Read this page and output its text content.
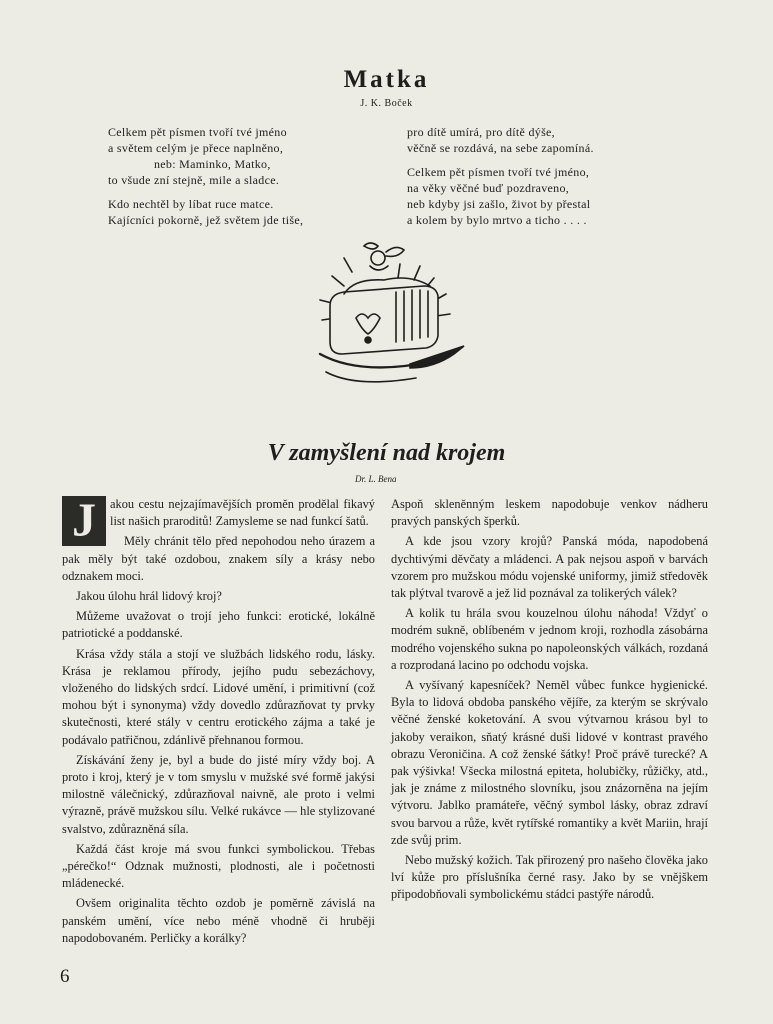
Matka
J. K. Boček
Celkem pět písmen tvoří tvé jméno
a světem celým je přece naplněno,
neb: Maminko, Matko,
to všude zní stejně, mile a sladce.
Kdo nechtěl by líbat ruce matce.
Kajícníci pokorně, jež světem jde tiše,
pro dítě umírá, pro dítě dýše,
věčně se rozdává, na sebe zapomíná.
Celkem pět písmen tvoří tvé jméno,
na věky věčné buď pozdraveno,
neb kdyby jsi zašlo, život by přestal
a kolem by bylo mrtvo a ticho . . . .
V zamyšlení nad krojem
Dr. L. Bena
J	akou cestu nejzajímavějších proměn prodělal fikavý list našich praroditů! Zamysleme se nad funkcí šatů.

Měly chránit tělo před nepohodou neho úrazem a pak měly být také ozdobou, znakem síly a krásy nebo odznakem moci.

Jakou úlohu hrál lidový kroj?

Můžeme uvažovat o trojí jeho funkci: erotické, lokálně patriotické a poddanské.

Krása vždy stála a stojí ve službách lidského rodu, lásky. Krása je reklamou přírody, jejího pudu sebezáchovy, vloženého do lidských srdcí. Lidové umění, i primitivní (což mohou být i synonyma) vždy dovedlo zdůrazňovat ty prvky skutečnosti, které stály v centru erotického zájma a také je podávalo patřičnou, zdánlivě přehnanou formou.

Získávání ženy je, byl a bude do jisté míry vždy boj. A proto i kroj, který je v tom smyslu v mužské své formě jakýsi milostně válečnický, zdůrazňoval naivně, ale proto i velmi výrazně, právě mužskou sílu. Velké rukávce — hle stylizované svalstvo, zdůrazněná síla.

Každá část kroje má svou funkci symbolickou. Třebas „pérečko!“ Odznak mužnosti, plodnosti, ale i početnosti mládenecké.

Ovšem originalita těchto ozdob je poměrně závislá na panském umění, více nebo méně vhodně či hruběji napodobovaném. Perličky a korálky?

Aspoň skleněnným leskem napodobuje venkov nádheru pravých panských šperků.

A kde jsou vzory krojů? Panská móda, napodobená dychtivými děvčaty a mládenci. A pak nejsou aspoň v barvách vzorem pro mužskou módu vojenské uniformy, jimiž středověk tak plýtval tvarově a jež lid poznával za tolikerých válek?

A kolik tu hrála svou kouzelnou úlohu náhoda! Vždyť o modrém sukně, oblíbeném v jednom kroji, rozhodla zásobárna modrého vojenského sukna po napoleonských válkách, rozdaná a rozprodaná lacino po odchodu vojska.

A vyšívaný kapesníček? Neměl vůbec funkce hygienické. Byla to lidová obdoba panského vějíře, za kterým se skrývalo věčné ženské koketování. A svou výtvarnou krásou byl to jakoby veraikon, sňatý krásné duši lidové v kontrast pravého obrazu Veroničina. A což ženské šátky! Proč právě turecké? A pak výšivka! Všecka milostná epiteta, holubičky, růžičky, atd., jak je známe z milostného slovníku, jsou znázorněna na jejím výtvoru. Jablko pramáteře, věčný symbol lásky, obraz zdraví svou barvou a růže, květ rytířské romantiky a květ Mariin, hrají zde svůj prim.

Nebo mužský kožich. Tak přirozený pro našeho člověka jako lví kůže pro příslušníka černé rasy. Jako by se vnějškem připodobňovali symbolickému stádci pastýře národů.

6
